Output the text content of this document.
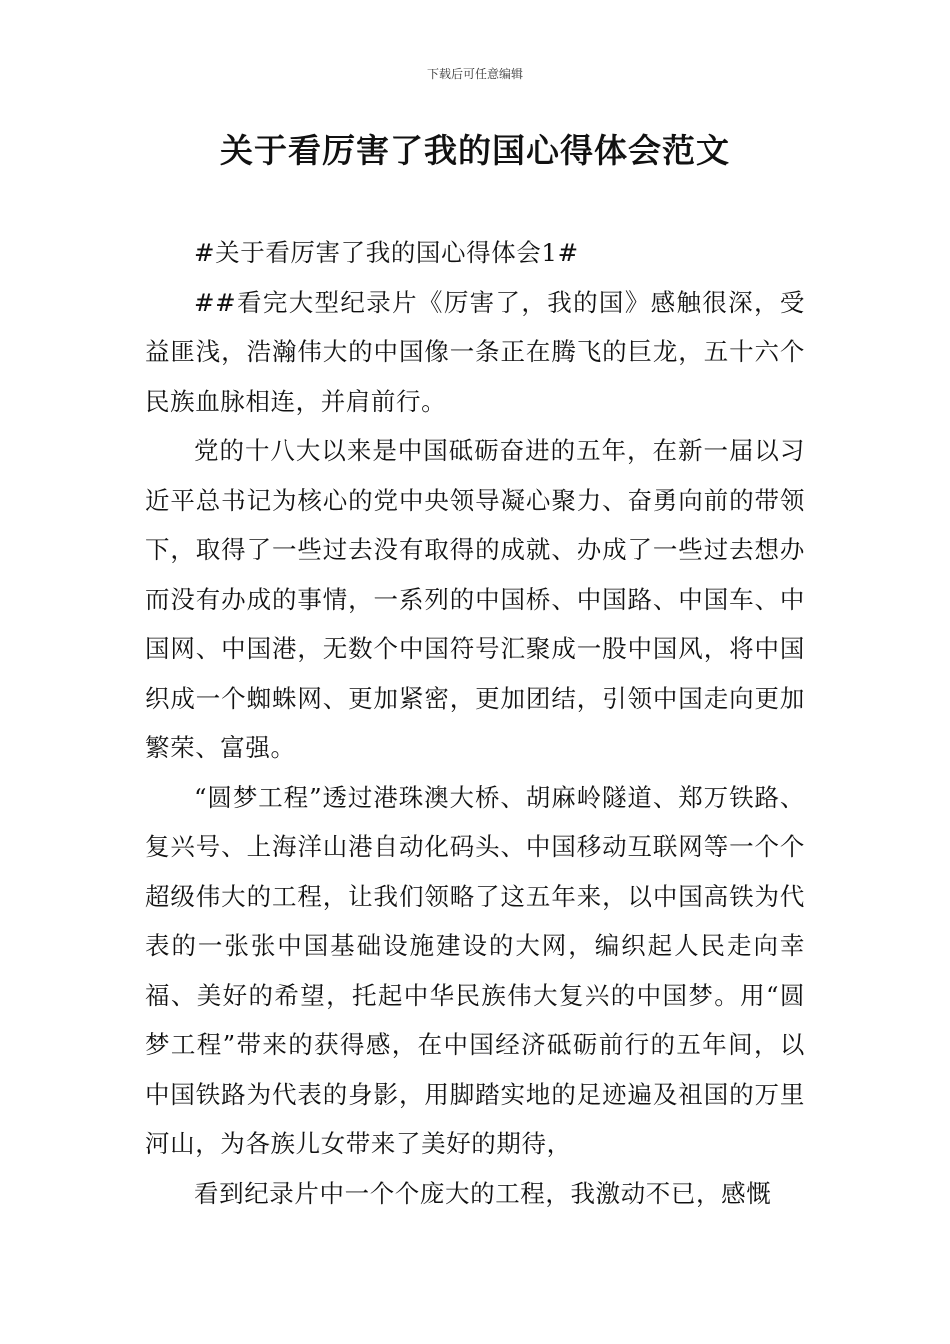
下载后可任意编辑
关于看厉害了我的国心得体会范文

#关于看厉害了我的国心得体会1#

##看完大型纪录片《厉害了，我的国》感触很深，受益匪浅，浩瀚伟大的中国像一条正在腾飞的巨龙，五十六个民族血脉相连，并肩前行。

党的十八大以来是中国砥砺奋进的五年，在新一届以习近平总书记为核心的党中央领导凝心聚力、奋勇向前的带领下，取得了一些过去没有取得的成就、办成了一些过去想办而没有办成的事情，一系列的中国桥、中国路、中国车、中国网、中国港，无数个中国符号汇聚成一股中国风，将中国织成一个蜘蛛网、更加紧密，更加团结，引领中国走向更加繁荣、富强。

“圆梦工程”透过港珠澳大桥、胡麻岭隧道、郑万铁路、复兴号、上海洋山港自动化码头、中国移动互联网等一个个超级伟大的工程，让我们领略了这五年来，以中国高铁为代表的一张张中国基础设施建设的大网，编织起人民走向幸福、美好的希望，托起中华民族伟大复兴的中国梦。用“圆梦工程”带来的获得感，在中国经济砥砺前行的五年间，以中国铁路为代表的身影，用脚踏实地的足迹遍及祖国的万里河山，为各族儿女带来了美好的期待，

看到纪录片中一个个庞大的工程，我激动不已，感慨
